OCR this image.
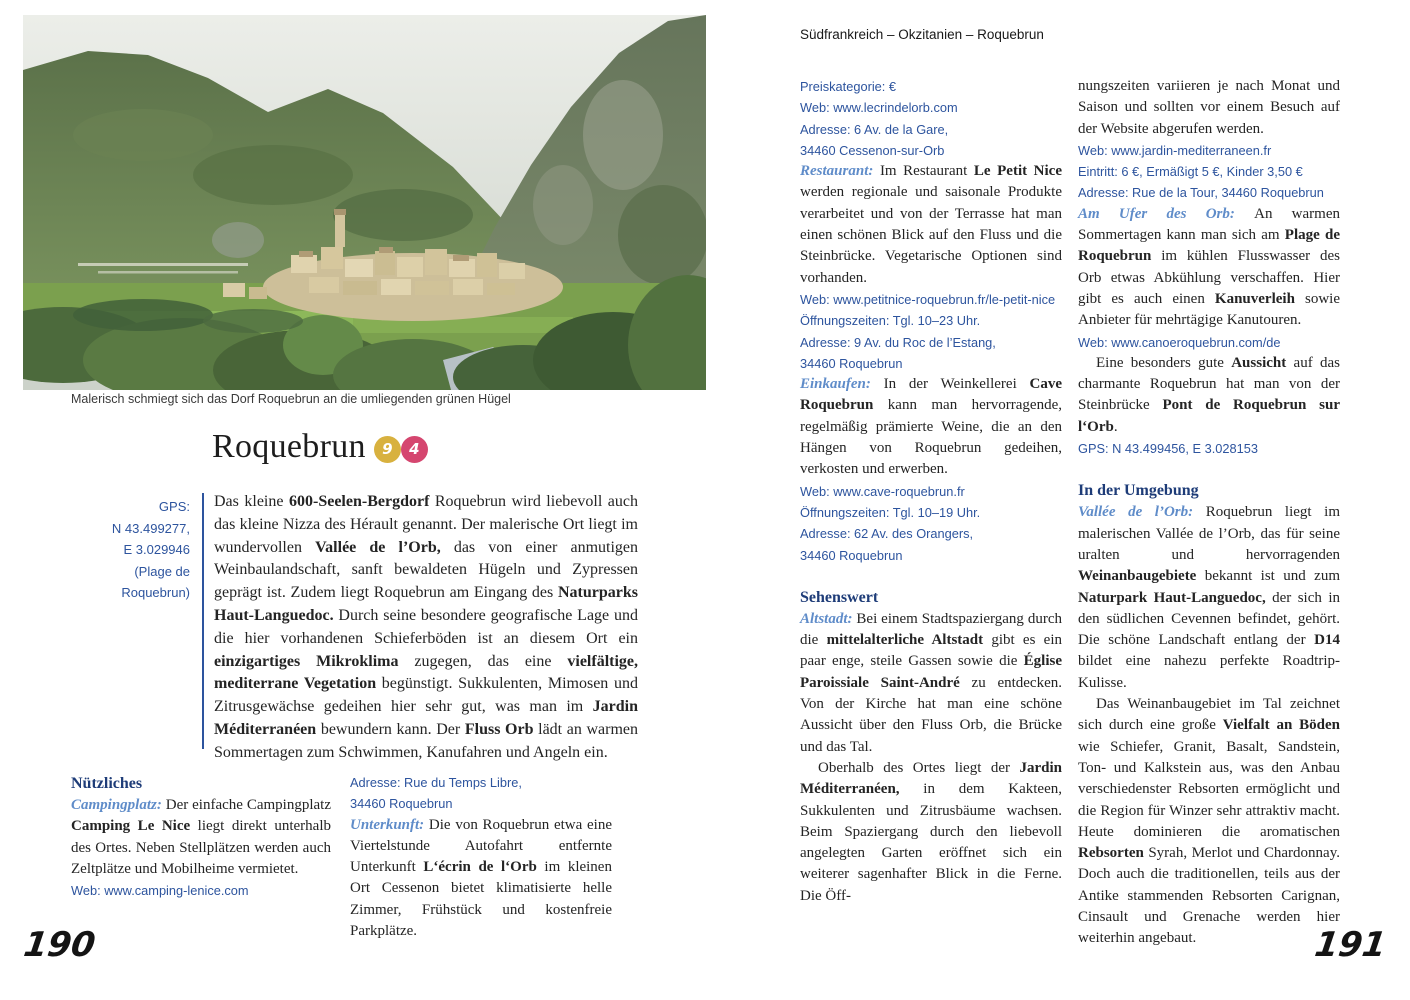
Malerisch schmiegt sich das Dorf Roquebrun an die umliegenden grünen Hügel
Roquebrun	9 4
GPS:
N 43.499277,
E 3.029946
(Plage de
Roquebrun)
Das kleine 600-Seelen-Bergdorf Roquebrun wird liebevoll auch das kleine Nizza des Hérault genannt. Der malerische Ort liegt im wundervollen Vallée de l’Orb, das von einer anmutigen Weinbaulandschaft, sanft bewaldeten Hügeln und Zypressen geprägt ist. Zudem liegt Roquebrun am Eingang des Naturparks Haut-Languedoc. Durch seine besondere geografische Lage und die hier vorhandenen Schieferböden ist an diesem Ort ein einzigartiges Mikroklima zugegen, das eine vielfältige, mediterrane Vegetation begünstigt. Sukkulenten, Mimosen und Zitrusgewächse gedeihen hier sehr gut, was man im Jardin Méditerranéen bewundern kann. Der Fluss Orb lädt an warmen Sommertagen zum Schwimmen, Kanufahren und Angeln ein.
Nützliches
Campingplatz: Der einfache Campingplatz Camping Le Nice liegt direkt unterhalb des Ortes. Neben Stellplätzen werden auch Zeltplätze und Mobilheime vermietet.
Web: www.camping-lenice.com
Adresse: Rue du Temps Libre,
34460 Roquebrun
Unterkunft: Die von Roquebrun etwa eine Viertelstunde Autofahrt entfernte Unterkunft L‘écrin de l‘Orb im kleinen Ort Cessenon bietet klimatisierte helle Zimmer, Frühstück und kostenfreie Parkplätze.
190
Südfrankreich – Okzitanien – Roquebrun
Preiskategorie: €
Web: www.lecrindelorb.com
Adresse: 6 Av. de la Gare,
34460 Cessenon-sur-Orb
Restaurant: Im Restaurant Le Petit Nice werden regionale und saisonale Produkte verarbeitet und von der Terrasse hat man einen schönen Blick auf den Fluss und die Steinbrücke. Vegetarische Optionen sind vorhanden.
Web: www.petitnice-roquebrun.fr/le-petit-nice
Öffnungszeiten: Tgl. 10–23 Uhr.
Adresse: 9 Av. du Roc de l’Estang,
34460 Roquebrun
Einkaufen: In der Weinkellerei Cave Roquebrun kann man hervorragende, regelmäßig prämierte Weine, die an den Hängen von Roquebrun gedeihen, verkosten und erwerben.
Web: www.cave-roquebrun.fr
Öffnungszeiten: Tgl. 10–19 Uhr.
Adresse: 62 Av. des Orangers,
34460 Roquebrun
Sehenswert
Altstadt: Bei einem Stadtspaziergang durch die mittelalterliche Altstadt gibt es ein paar enge, steile Gassen sowie die Église Paroissiale Saint-André zu entdecken. Von der Kirche hat man eine schöne Aussicht über den Fluss Orb, die Brücke und das Tal.
Oberhalb des Ortes liegt der Jardin Méditerranéen, in dem Kakteen, Sukkulenten und Zitrusbäume wachsen. Beim Spaziergang durch den liebevoll angelegten Garten eröffnet sich ein weiterer sagenhafter Blick in die Ferne. Die Öff-
nungszeiten variieren je nach Monat und Saison und sollten vor einem Besuch auf der Website abgerufen werden.
Web: www.jardin-mediterraneen.fr
Eintritt: 6 €, Ermäßigt 5 €, Kinder 3,50 €
Adresse: Rue de la Tour, 34460 Roquebrun
Am Ufer des Orb: An warmen Sommertagen kann man sich am Plage de Roquebrun im kühlen Flusswasser des Orb etwas Abkühlung verschaffen. Hier gibt es auch einen Kanuverleih sowie Anbieter für mehrtägige Kanutouren.
Web: www.canoeroquebrun.com/de
Eine besonders gute Aussicht auf das charmante Roquebrun hat man von der Steinbrücke Pont de Roquebrun sur l‘Orb.
GPS: N 43.499456, E 3.028153
In der Umgebung
Vallée de l’Orb: Roquebrun liegt im malerischen Vallée de l’Orb, das für seine uralten und hervorragenden Weinanbaugebiete bekannt ist und zum Naturpark Haut-Languedoc, der sich in den südlichen Cevennen befindet, gehört. Die schöne Landschaft entlang der D14 bildet eine nahezu perfekte Roadtrip-Kulisse.
Das Weinanbaugebiet im Tal zeichnet sich durch eine große Vielfalt an Böden wie Schiefer, Granit, Basalt, Sandstein, Ton- und Kalkstein aus, was den Anbau verschiedenster Rebsorten ermöglicht und die Region für Winzer sehr attraktiv macht. Heute dominieren die aromatischen Rebsorten Syrah, Merlot und Chardonnay. Doch auch die traditionellen, teils aus der Antike stammenden Rebsorten Carignan, Cinsault und Grenache werden hier weiterhin angebaut.	191
